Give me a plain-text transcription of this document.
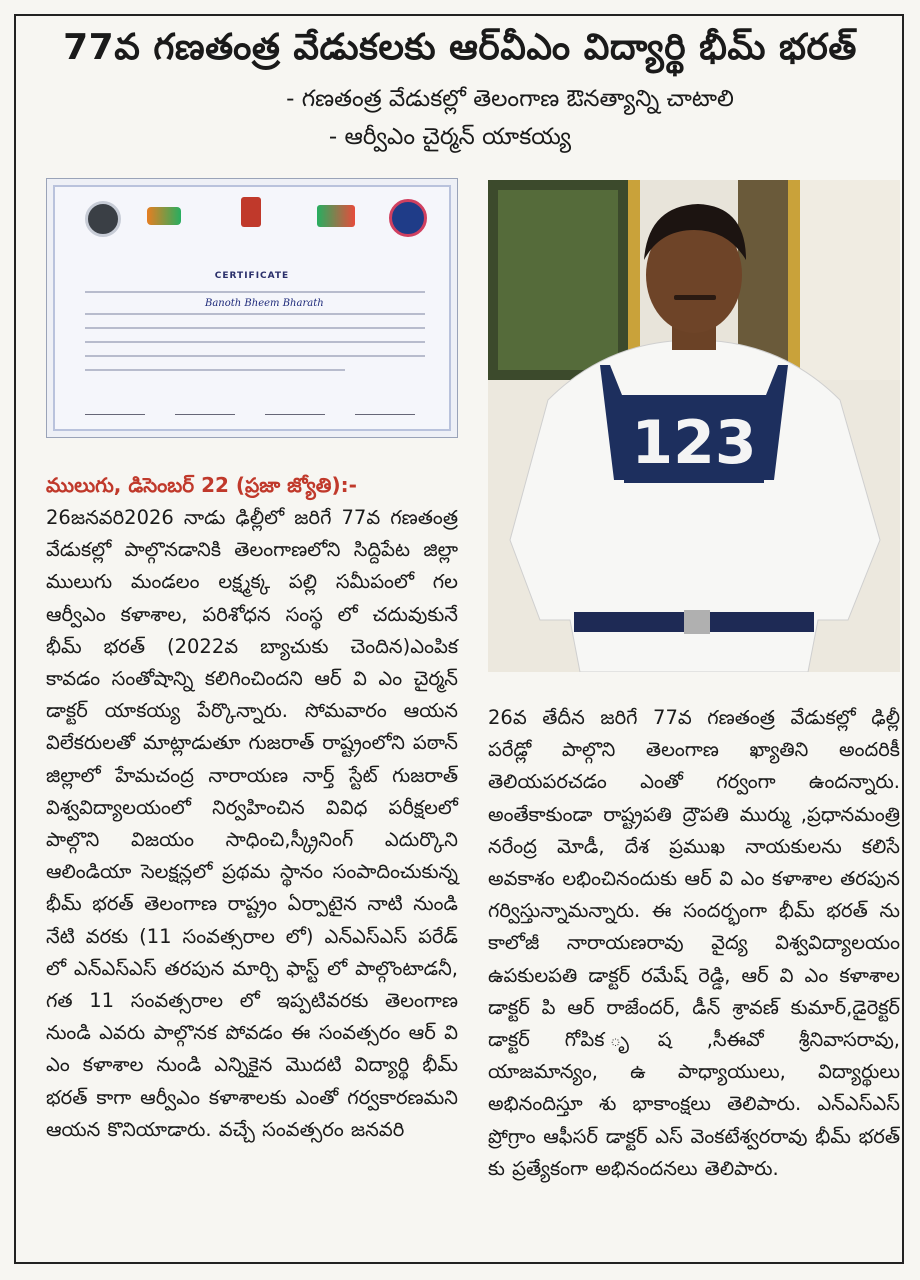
77వ గణతంత్ర వేడుకలకు ఆర్‌వీఎం విద్యార్థి భీమ్ భరత్
- గణతంత్ర వేడుకల్లో తెలంగాణ ఔనత్యాన్ని చాటాలి
- ఆర్వీఎం చైర్మన్ యాకయ్య
CERTIFICATE
Banoth Bheem Bharath
123
ములుగు, డిసెంబర్ 22 (ప్రజా జ్యోతి):-

26జనవరి2026 నాడు ఢిల్లీలో జరిగే 77వ గణతంత్ర వేడుకల్లో పాల్గొనడానికి తెలంగాణలోని సిద్దిపేట జిల్లా ములుగు మండలం లక్ష్మక్క పల్లి సమీపంలో గల ఆర్వీఎం కళాశాల, పరిశోధన సంస్థ లో చదువుకునే భీమ్ భరత్ (2022వ బ్యాచుకు చెందిన)ఎంపిక కావడం సంతోషాన్ని కలిగించిందని ఆర్ వి ఎం చైర్మన్ డాక్టర్ యాకయ్య పేర్కొన్నారు. సోమవారం ఆయన విలేకరులతో మాట్లాడుతూ గుజరాత్ రాష్ట్రంలోని పఠాన్ జిల్లాలో హేమచంద్ర నారాయణ నార్త్ స్టేట్ గుజరాత్ విశ్వవిద్యాలయంలో నిర్వహించిన వివిధ పరీక్షలలో పాల్గొని విజయం సాధించి,స్క్రీనింగ్ ఎదుర్కొని ఆలిండియా సెలక్షన్లలో ప్రథమ స్థానం సంపాదించుకున్న భీమ్ భరత్ తెలంగాణ రాష్ట్రం ఏర్పాటైన నాటి నుండి నేటి వరకు (11 సంవత్సరాల లో) ఎన్ఎస్ఎస్ పరేడ్ లో ఎన్ఎస్ఎస్ తరపున మార్చి ఫాస్ట్ లో పాల్గొంటాడనీ, గత 11 సంవత్సరాల లో ఇప్పటివరకు తెలంగాణ నుండి ఎవరు పాల్గొనక పోవడం ఈ సంవత్సరం ఆర్ వి ఎం కళాశాల నుండి ఎన్నికైన మొదటి విద్యార్థి భీమ్ భరత్ కాగా ఆర్వీఎం కళాశాలకు ఎంతో గర్వకారణమని ఆయన కొనియాడారు. వచ్చే సంవత్సరం జనవరి

26వ తేదీన జరిగే 77వ గణతంత్ర వేడుకల్లో ఢిల్లీ పరేడ్లో పాల్గొని తెలంగాణ ఖ్యాతిని అందరికీ తెలియపరచడం ఎంతో గర్వంగా ఉందన్నారు. అంతేకాకుండా రాష్ట్రపతి ద్రౌపతి ముర్ము ,ప్రధానమంత్రి నరేంద్ర మోడీ, దేశ ప్రముఖ నాయకులను కలిసే అవకాశం లభించినందుకు ఆర్ వి ఎం కళాశాల తరపున గర్విస్తున్నామన్నారు. ఈ సందర్భంగా భీమ్ భరత్ ను కాలోజీ నారాయణరావు వైద్య విశ్వవిద్యాలయం ఉపకులపతి డాక్టర్ రమేష్ రెడ్డి, ఆర్ వి ఎం కళాశాల డాక్టర్ పి ఆర్ రాజేందర్, డీన్ శ్రావణ్ కుమార్,డైరెక్టర్ డాక్టర్ గోపిక ృష ,సీఈవో శ్రీనివాసరావు, యాజమాన్యం, ఉ పాధ్యాయులు, విద్యార్థులు అభినందిస్తూ శు భాకాంక్షలు తెలిపారు. ఎన్ఎస్ఎస్ ప్రోగ్రాం ఆఫీసర్ డాక్టర్ ఎస్ వెంకటేశ్వరరావు భీమ్ భరత్ కు ప్రత్యేకంగా అభినందనలు తెలిపారు.
